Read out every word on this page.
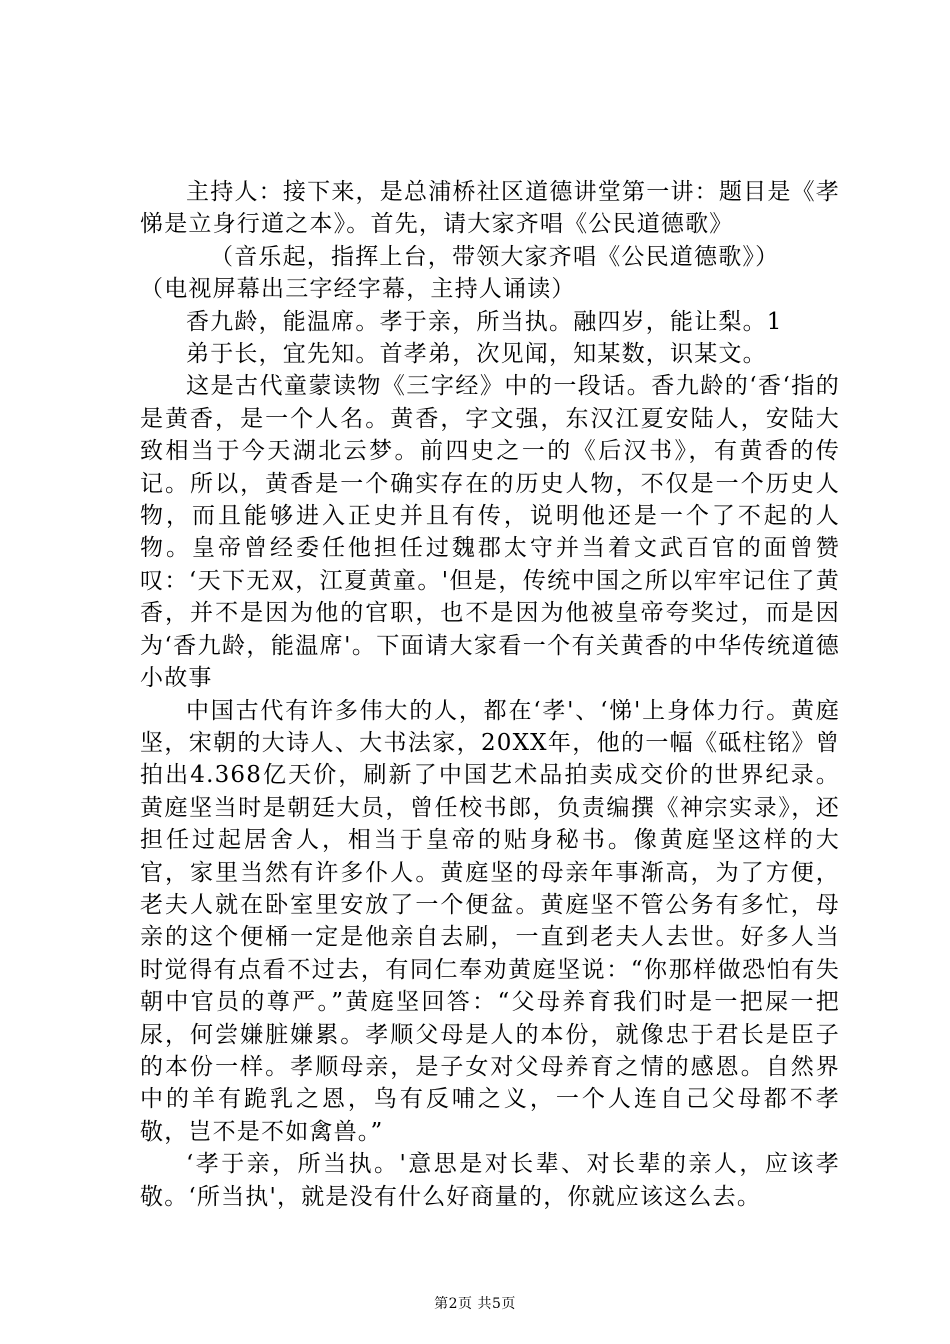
主持人：接下来，是总浦桥社区道德讲堂第一讲：题目是《孝悌是立身行道之本》。首先，请大家齐唱《公民道德歌》

（音乐起，指挥上台，带领大家齐唱《公民道德歌》）

（电视屏幕出三字经字幕，主持人诵读）

香九龄，能温席。孝于亲，所当执。融四岁，能让梨。1

弟于长，宜先知。首孝弟，次见闻，知某数，识某文。

这是古代童蒙读物《三字经》中的一段话。香九龄的‘香‘指的是黄香，是一个人名。黄香，字文强，东汉江夏安陆人，安陆大致相当于今天湖北云梦。前四史之一的《后汉书》，有黄香的传记。所以，黄香是一个确实存在的历史人物，不仅是一个历史人物，而且能够进入正史并且有传，说明他还是一个了不起的人物。皇帝曾经委任他担任过魏郡太守并当着文武百官的面曾赞叹：‘天下无双，江夏黄童。'但是，传统中国之所以牢牢记住了黄香，并不是因为他的官职，也不是因为他被皇帝夸奖过，而是因为‘香九龄，能温席'。下面请大家看一个有关黄香的中华传统道德小故事

中国古代有许多伟大的人，都在‘孝'、‘悌'上身体力行。黄庭坚，宋朝的大诗人、大书法家，20XX年，他的一幅《砥柱铭》曾拍出4.368亿天价，刷新了中国艺术品拍卖成交价的世界纪录。黄庭坚当时是朝廷大员，曾任校书郎，负责编撰《神宗实录》，还担任过起居舍人，相当于皇帝的贴身秘书。像黄庭坚这样的大官，家里当然有许多仆人。黄庭坚的母亲年事渐高，为了方便，老夫人就在卧室里安放了一个便盆。黄庭坚不管公务有多忙，母亲的这个便桶一定是他亲自去刷，一直到老夫人去世。好多人当时觉得有点看不过去，有同仁奉劝黄庭坚说：“你那样做恐怕有失朝中官员的尊严。”黄庭坚回答：“父母养育我们时是一把屎一把尿，何尝嫌脏嫌累。孝顺父母是人的本份，就像忠于君长是臣子的本份一样。孝顺母亲，是子女对父母养育之情的感恩。自然界中的羊有跪乳之恩，鸟有反哺之义，一个人连自己父母都不孝敬，岂不是不如禽兽。”

‘孝于亲，所当执。'意思是对长辈、对长辈的亲人，应该孝敬。‘所当执'，就是没有什么好商量的，你就应该这么去。

第2页 共5页
